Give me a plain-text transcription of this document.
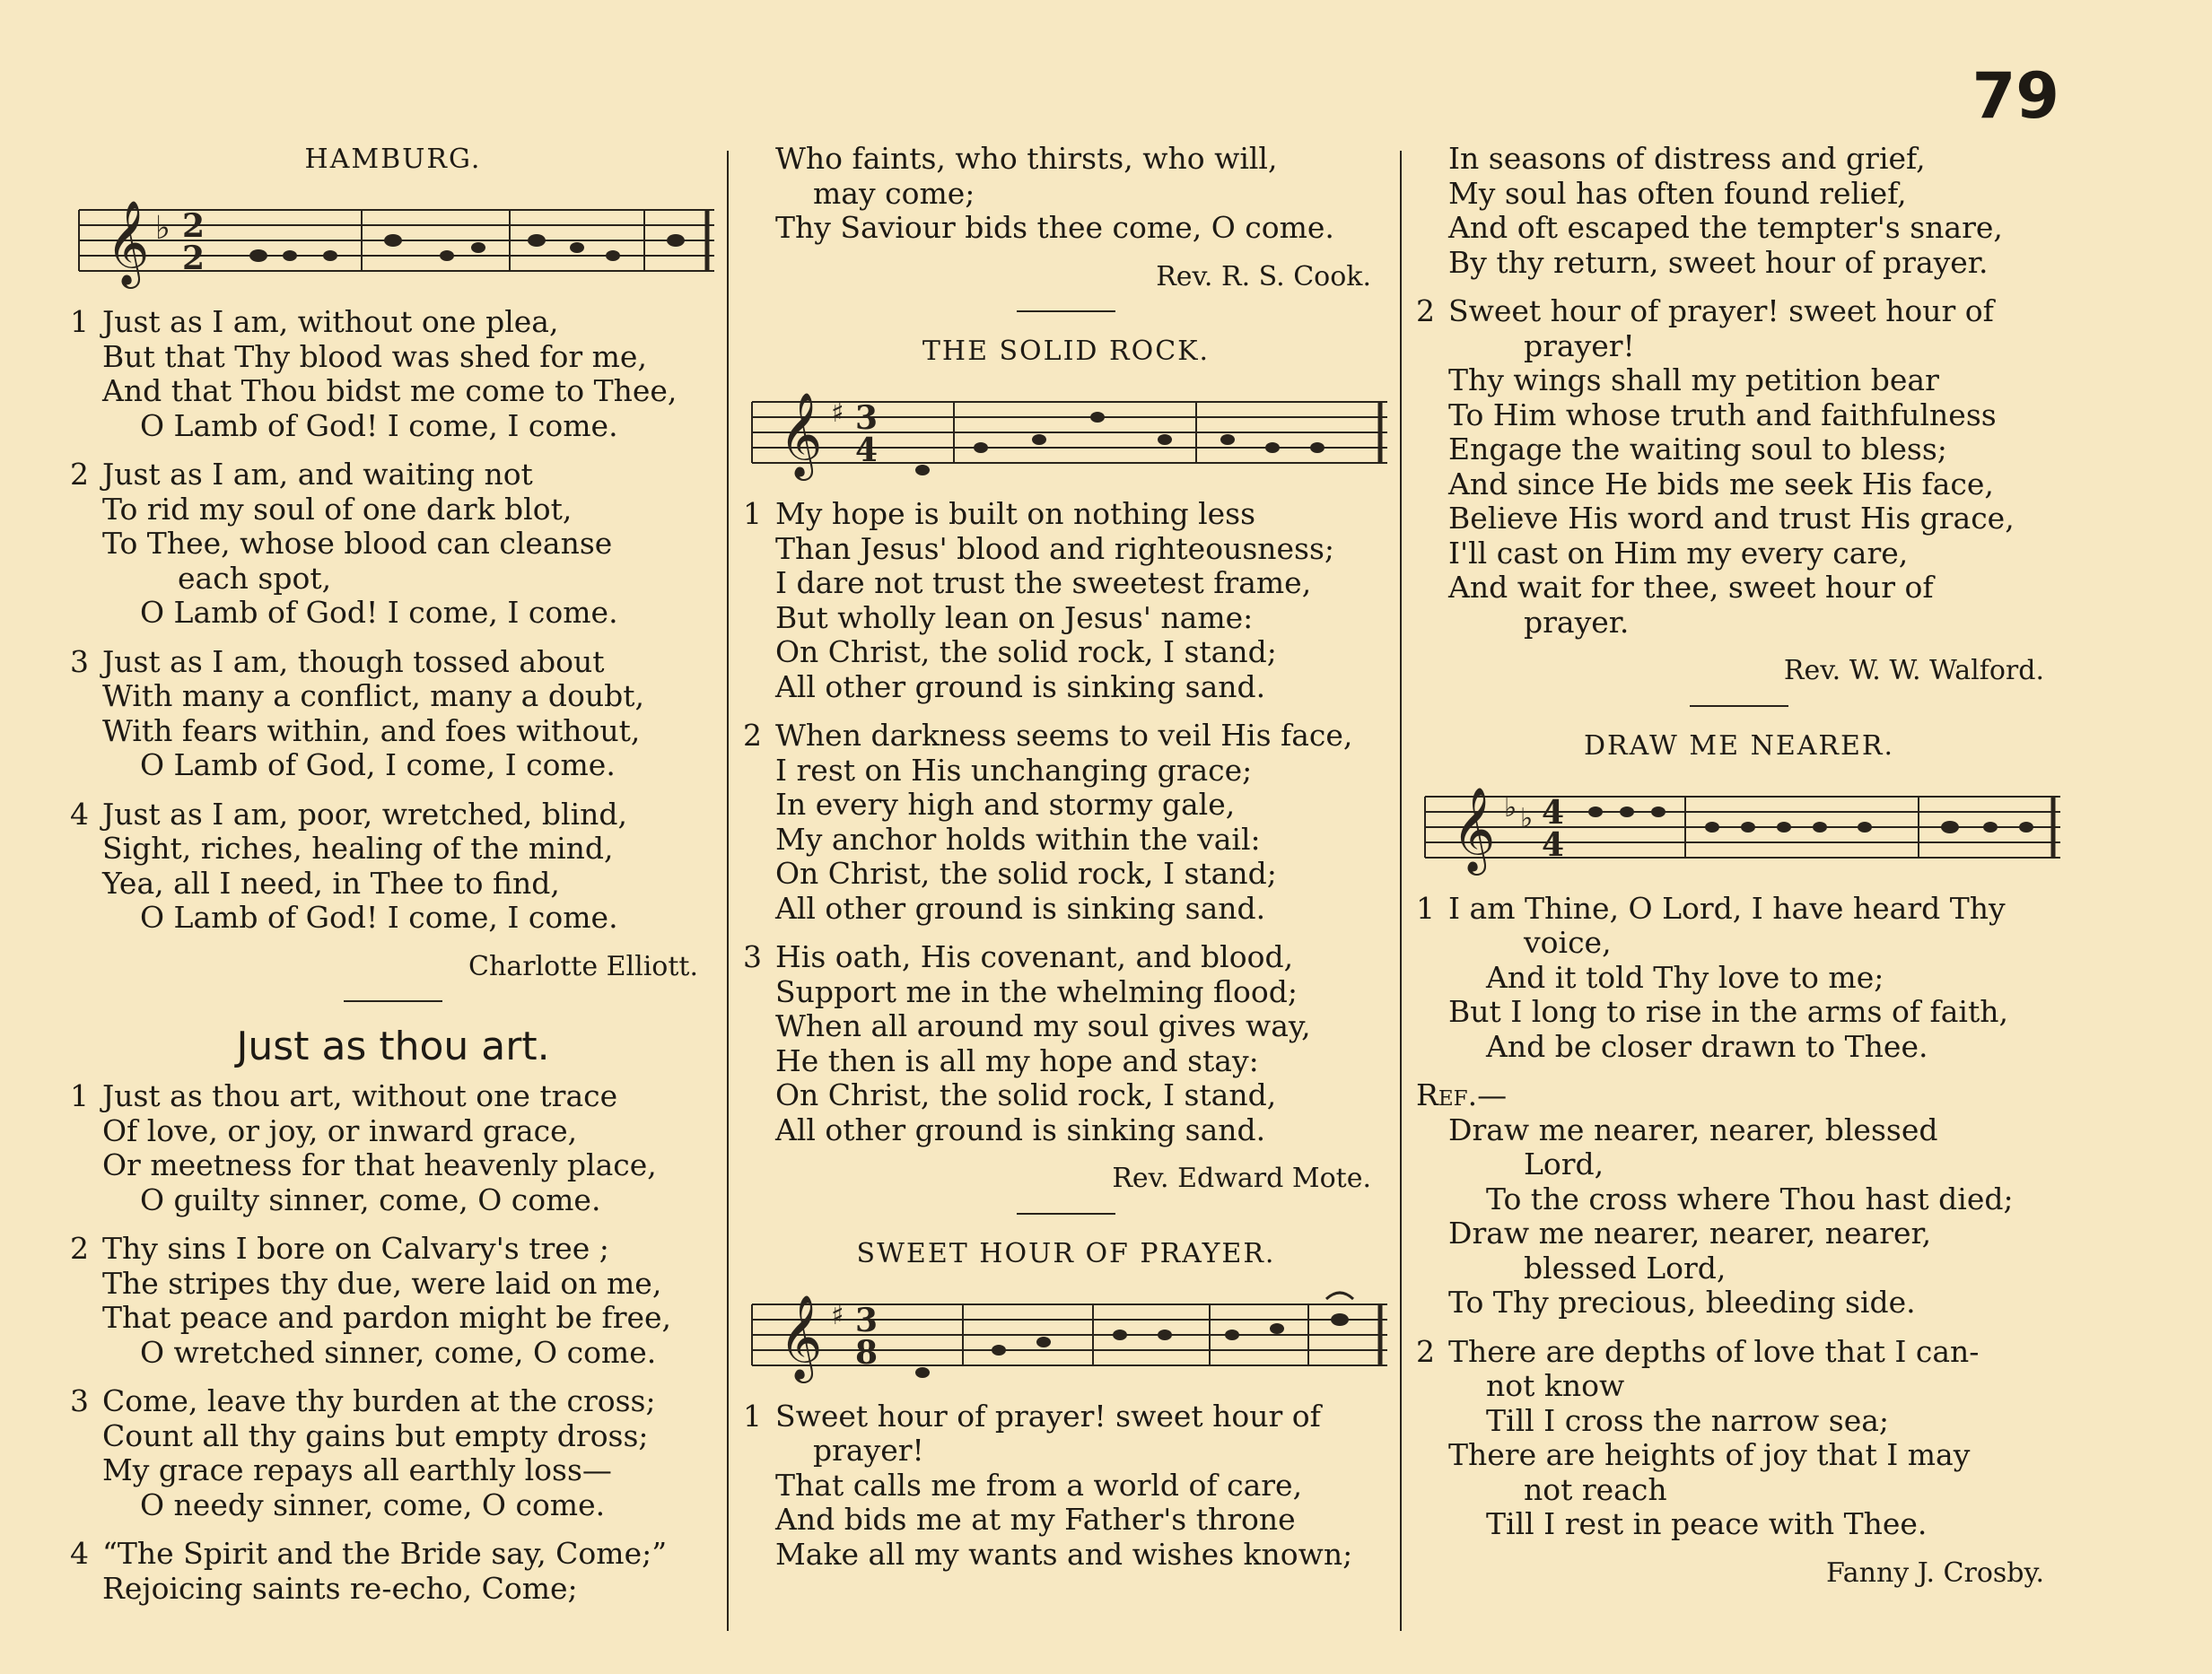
79
HAMBURG.
𝄞 ♭ 2
2
1 Just as I am, without one plea,
But that Thy blood was shed for me,
And that Thou bidst me come to Thee,
O Lamb of God! I come, I come.
2 Just as I am, and waiting not
To rid my soul of one dark blot,
To Thee, whose blood can cleanse
each spot,
O Lamb of God! I come, I come.
3 Just as I am, though tossed about
With many a conflict, many a doubt,
With fears within, and foes without,
O Lamb of God, I come, I come.
4 Just as I am, poor, wretched, blind,
Sight, riches, healing of the mind,
Yea, all I need, in Thee to find,
O Lamb of God! I come, I come.
Charlotte Elliott.
Just as thou art.
1 Just as thou art, without one trace
Of love, or joy, or inward grace,
Or meetness for that heavenly place,
O guilty sinner, come, O come.
2 Thy sins I bore on Calvary's tree ;
The stripes thy due, were laid on me,
That peace and pardon might be free,
O wretched sinner, come, O come.
3 Come, leave thy burden at the cross;
Count all thy gains but empty dross;
My grace repays all earthly loss—
O needy sinner, come, O come.
4 “The Spirit and the Bride say, Come;”
Rejoicing saints re-echo, Come;
Who faints, who thirsts, who will,
may come;
Thy Saviour bids thee come, O come.
Rev. R. S. Cook.
THE SOLID ROCK.
𝄞 ♯ 3
4
1 My hope is built on nothing less
Than Jesus' blood and righteousness;
I dare not trust the sweetest frame,
But wholly lean on Jesus' name:
On Christ, the solid rock, I stand;
All other ground is sinking sand.
2 When darkness seems to veil His face,
I rest on His unchanging grace;
In every high and stormy gale,
My anchor holds within the vail:
On Christ, the solid rock, I stand;
All other ground is sinking sand.
3 His oath, His covenant, and blood,
Support me in the whelming flood;
When all around my soul gives way,
He then is all my hope and stay:
On Christ, the solid rock, I stand,
All other ground is sinking sand.
Rev. Edward Mote.
SWEET HOUR OF PRAYER.
𝄞 ♯ 3
8
1 Sweet hour of prayer! sweet hour of
prayer!
That calls me from a world of care,
And bids me at my Father's throne
Make all my wants and wishes known;
In seasons of distress and grief,
My soul has often found relief,
And oft escaped the tempter's snare,
By thy return, sweet hour of prayer.
2 Sweet hour of prayer! sweet hour of
prayer!
Thy wings shall my petition bear
To Him whose truth and faithfulness
Engage the waiting soul to bless;
And since He bids me seek His face,
Believe His word and trust His grace,
I'll cast on Him my every care,
And wait for thee, sweet hour of
prayer.
Rev. W. W. Walford.
DRAW ME NEARER.
𝄞 ♭ ♭ 4
4
1 I am Thine, O Lord, I have heard Thy
voice,
And it told Thy love to me;
But I long to rise in the arms of faith,
And be closer drawn to Thee.
Ref.—
Draw me nearer, nearer, blessed
Lord,
To the cross where Thou hast died;
Draw me nearer, nearer, nearer,
blessed Lord,
To Thy precious, bleeding side.
2 There are depths of love that I can-
not know
Till I cross the narrow sea;
There are heights of joy that I may
not reach
Till I rest in peace with Thee.
Fanny J. Crosby.
